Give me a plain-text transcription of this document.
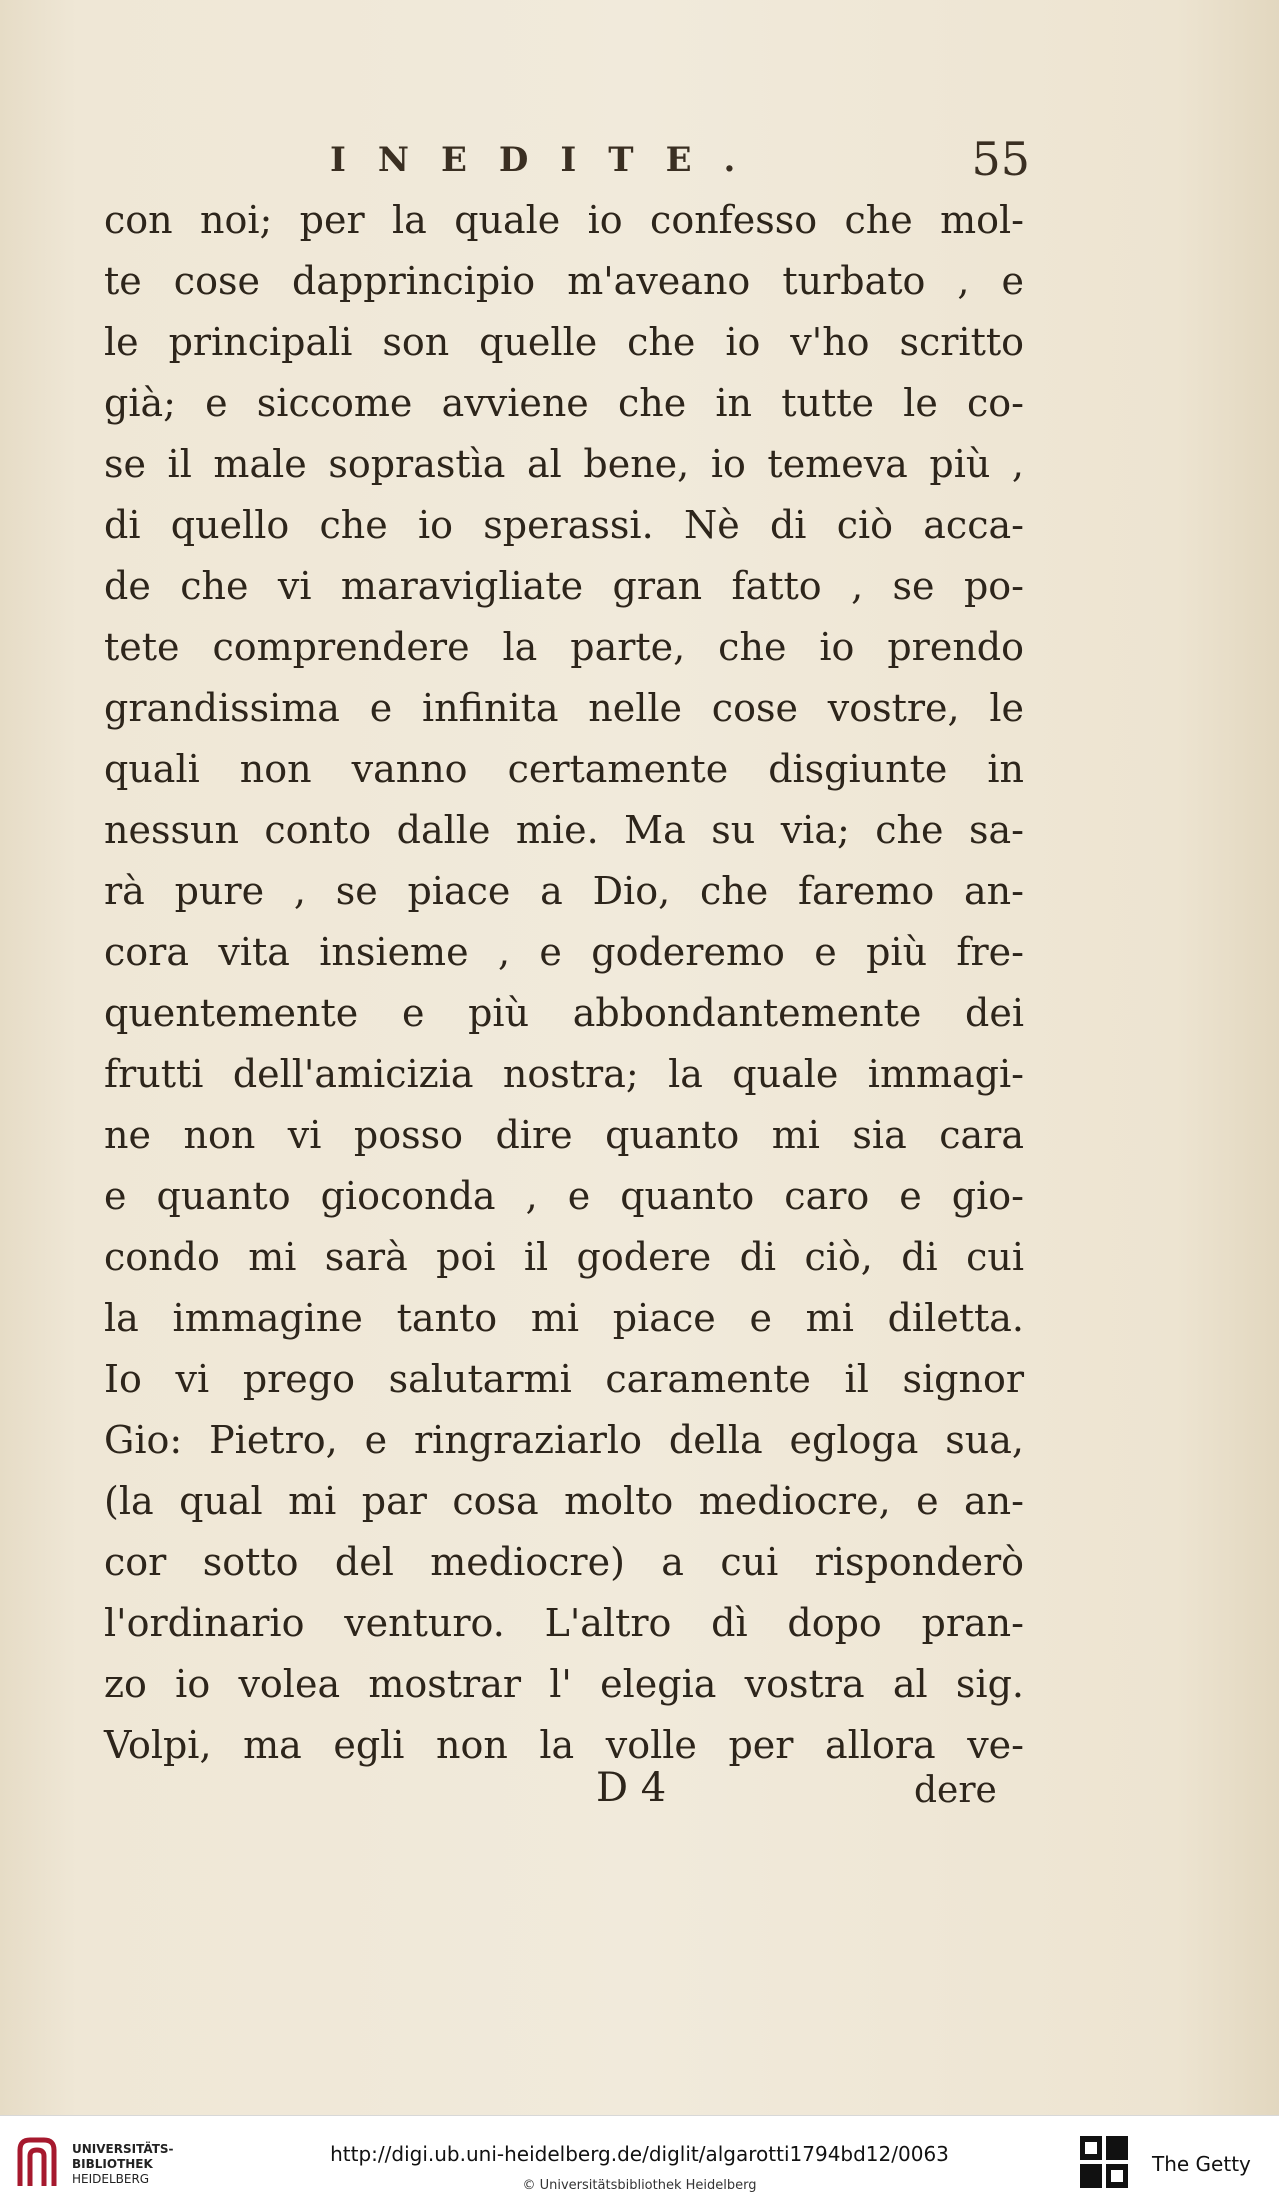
INEDITE.	55
con noi; per la quale io confesso che mol-
te cose dapprincipio m'aveano turbato , e
le principali son quelle che io v'ho scritto
già; e siccome avviene che in tutte le co-
se il male soprastìa al bene, io temeva più ,
di quello che io sperassi. Nè di ciò acca-
de che vi maravigliate gran fatto , se po-
tete comprendere la parte, che io prendo
grandissima e infinita nelle cose vostre, le
quali non vanno certamente disgiunte in
nessun conto dalle mie. Ma su via; che sa-
rà pure , se piace a Dio, che faremo an-
cora vita insieme , e goderemo e più fre-
quentemente e più abbondantemente dei
frutti dell'amicizia nostra; la quale immagi-
ne non vi posso dire quanto mi sia cara
e quanto gioconda , e quanto caro e gio-
condo mi sarà poi il godere di ciò, di cui
la immagine tanto mi piace e mi diletta.
Io vi prego salutarmi caramente il signor
Gio: Pietro, e ringraziarlo della egloga sua,
(la qual mi par cosa molto mediocre, e an-
cor sotto del mediocre) a cui risponderò
l'ordinario venturo. L'altro dì dopo pran-
zo io volea mostrar l' elegia vostra al sig.
Volpi, ma egli non la volle per allora ve-
D 4	dere
UNIVERSITÄTS-
BIBLIOTHEK
HEIDELBERG
http://digi.ub.uni-heidelberg.de/diglit/algarotti1794bd12/0063
© Universitätsbibliothek Heidelberg
The Getty
